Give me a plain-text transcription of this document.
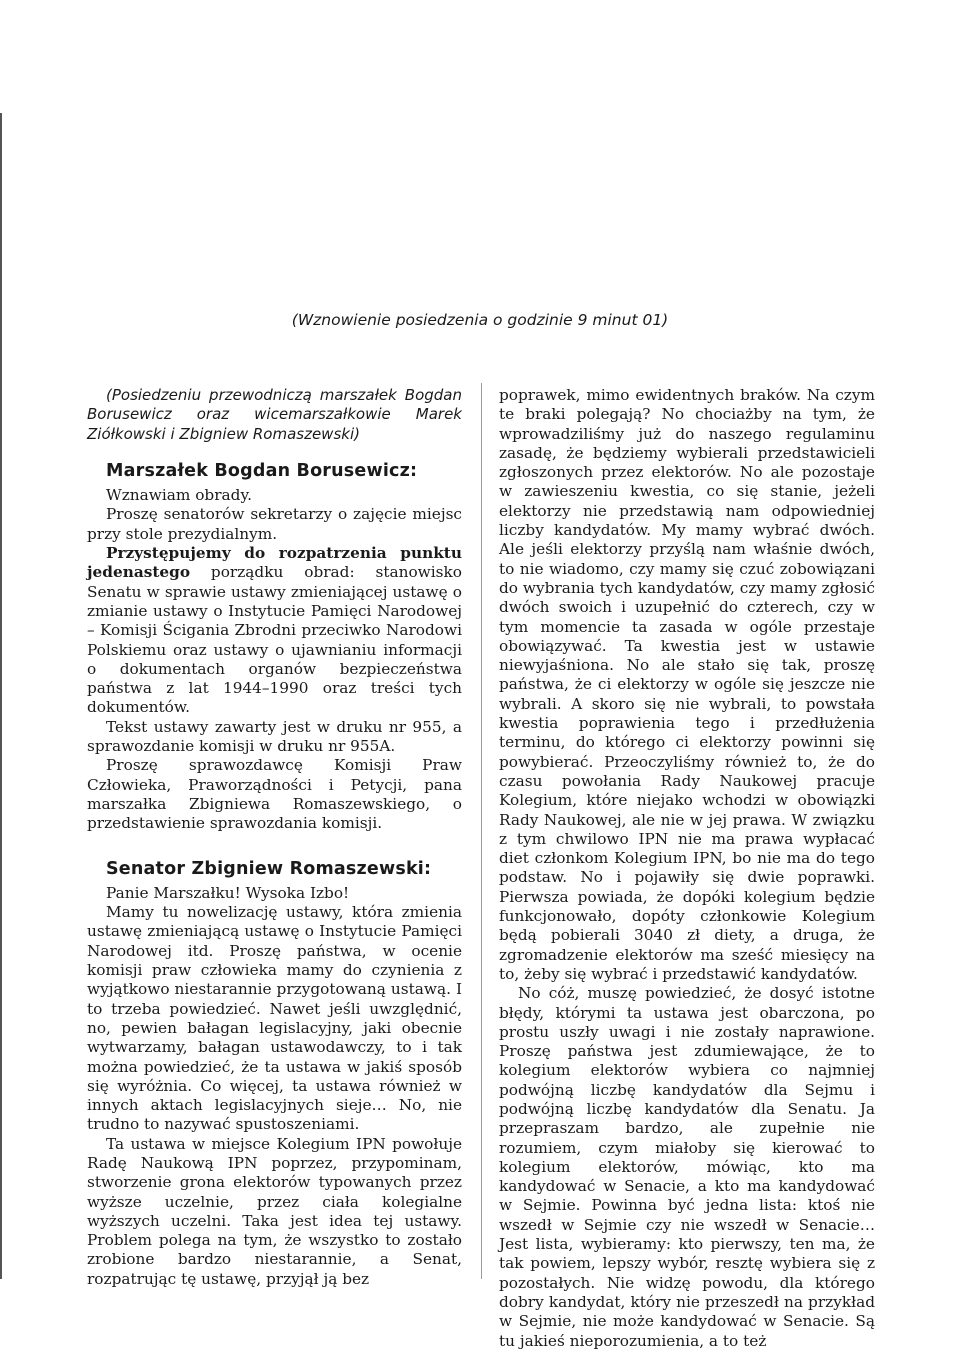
(Wznowienie posiedzenia o godzinie 9 minut 01)

(Posiedzeniu przewodniczą marszałek Bogdan Borusewicz oraz wicemarszałkowie Marek Ziółkowski i Zbigniew Romaszewski)

Marszałek Bogdan Borusewicz:

Wznawiam obrady.

Proszę senatorów sekretarzy o zajęcie miejsc przy stole prezydialnym.

Przystępujemy do rozpatrzenia punktu jedenastego porządku obrad: stanowisko Senatu w sprawie ustawy zmieniającej ustawę o zmianie ustawy o Instytucie Pamięci Narodowej – Komisji Ścigania Zbrodni przeciwko Narodowi Polskiemu oraz ustawy o ujawnianiu informacji o dokumentach organów bezpieczeństwa państwa z lat 1944–1990 oraz treści tych dokumentów.

Tekst ustawy zawarty jest w druku nr 955, a sprawozdanie komisji w druku nr 955A.

Proszę sprawozdawcę Komisji Praw Człowieka, Praworządności i Petycji, pana marszałka Zbigniewa Romaszewskiego, o przedstawienie sprawozdania komisji.

Senator Zbigniew Romaszewski:

Panie Marszałku! Wysoka Izbo!

Mamy tu nowelizację ustawy, która zmienia ustawę zmieniającą ustawę o Instytucie Pamięci Narodowej itd. Proszę państwa, w ocenie komisji praw człowieka mamy do czynienia z wyjątkowo niestarannie przygotowaną ustawą. I to trzeba powiedzieć. Nawet jeśli uwzględnić, no, pewien bałagan legislacyjny, jaki obecnie wytwarzamy, bałagan ustawodawczy, to i tak można powiedzieć, że ta ustawa w jakiś sposób się wyróżnia. Co więcej, ta ustawa również w innych aktach legislacyjnych sieje… No, nie trudno to nazywać spustoszeniami.

Ta ustawa w miejsce Kolegium IPN powołuje Radę Naukową IPN poprzez, przypominam, stworzenie grona elektorów typowanych przez wyższe uczelnie, przez ciała kolegialne wyższych uczelni. Taka jest idea tej ustawy. Problem polega na tym, że wszystko to zostało zrobione bardzo niestarannie, a Senat, rozpatrując tę ustawę, przyjął ją bez

poprawek, mimo ewidentnych braków. Na czym te braki polegają? No chociażby na tym, że wprowadziliśmy już do naszego regulaminu zasadę, że będziemy wybierali przedstawicieli zgłoszonych przez elektorów. No ale pozostaje w zawieszeniu kwestia, co się stanie, jeżeli elektorzy nie przedstawią nam odpowiedniej liczby kandydatów. My mamy wybrać dwóch. Ale jeśli elektorzy przyślą nam właśnie dwóch, to nie wiadomo, czy mamy się czuć zobowiązani do wybrania tych kandydatów, czy mamy zgłosić dwóch swoich i uzupełnić do czterech, czy w tym momencie ta zasada w ogóle przestaje obowiązywać. Ta kwestia jest w ustawie niewyjaśniona. No ale stało się tak, proszę państwa, że ci elektorzy w ogóle się jeszcze nie wybrali. A skoro się nie wybrali, to powstała kwestia poprawienia tego i przedłużenia terminu, do którego ci elektorzy powinni się powybierać. Przeoczyliśmy również to, że do czasu powołania Rady Naukowej pracuje Kolegium, które niejako wchodzi w obowiązki Rady Naukowej, ale nie w jej prawa. W związku z tym chwilowo IPN nie ma prawa wypłacać diet członkom Kolegium IPN, bo nie ma do tego podstaw. No i pojawiły się dwie poprawki. Pierwsza powiada, że dopóki kolegium będzie funkcjonowało, dopóty członkowie Kolegium będą pobierali 3040 zł diety, a druga, że zgromadzenie elektorów ma sześć miesięcy na to, żeby się wybrać i przedstawić kandydatów.

No cóż, muszę powiedzieć, że dosyć istotne błędy, którymi ta ustawa jest obarczona, po prostu uszły uwagi i nie zostały naprawione. Proszę państwa jest zdumiewające, że to kolegium elektorów wybiera co najmniej podwójną liczbę kandydatów dla Sejmu i podwójną liczbę kandydatów dla Senatu. Ja przepraszam bardzo, ale zupełnie nie rozumiem, czym miałoby się kierować to kolegium elektorów, mówiąc, kto ma kandydować w Senacie, a kto ma kandydować w Sejmie. Powinna być jedna lista: ktoś nie wszedł w Sejmie czy nie wszedł w Senacie… Jest lista, wybieramy: kto pierwszy, ten ma, że tak powiem, lepszy wybór, resztę wybiera się z pozostałych. Nie widzę powodu, dla którego dobry kandydat, który nie przeszedł na przykład w Sejmie, nie może kandydować w Senacie. Są tu jakieś nieporozumienia, a to też
